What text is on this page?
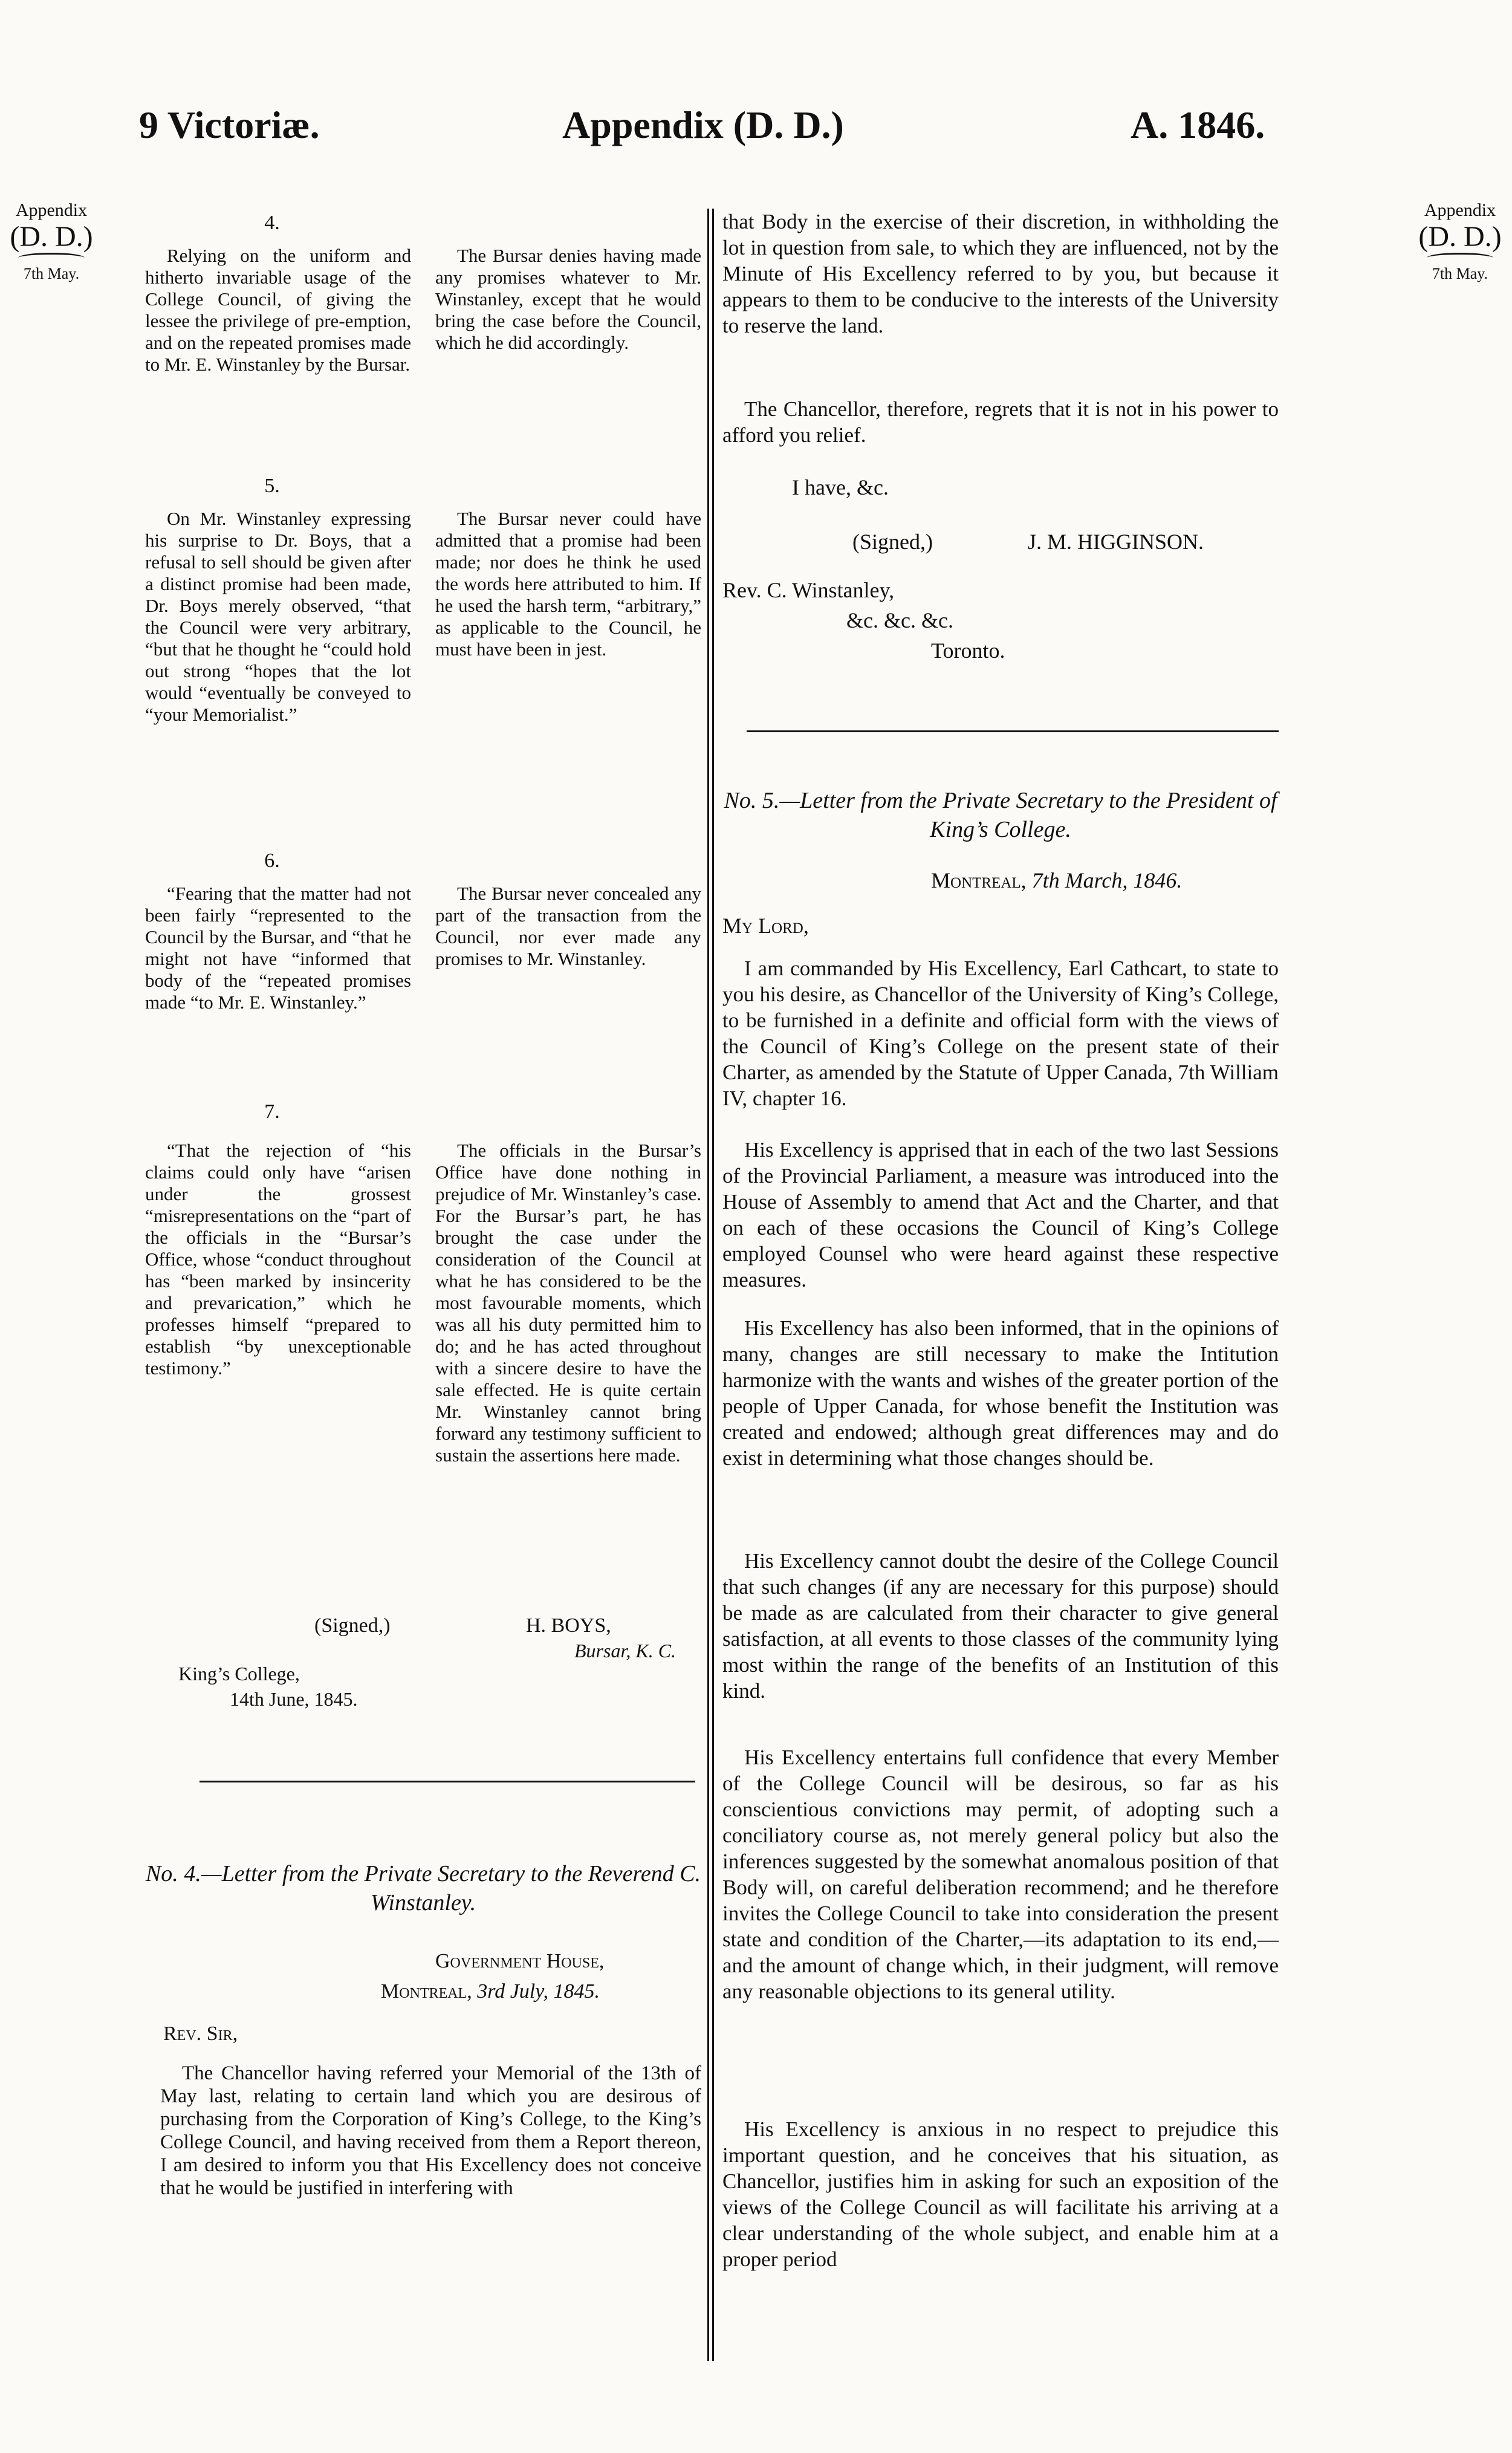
9 Victoriæ.	Appendix (D. D.)	A. 1846.
Appendix
(D. D.)
7th May.
Appendix
(D. D.)
7th May.
4.

Relying on the uniform and hitherto invariable usage of the College Council, of giving the lessee the privilege of pre-emption, and on the repeated promises made to Mr. E. Winstanley by the Bursar.

The Bursar denies having made any promises whatever to Mr. Winstanley, except that he would bring the case before the Council, which he did accordingly.

5.

On Mr. Winstanley expressing his surprise to Dr. Boys, that a refusal to sell should be given after a distinct promise had been made, Dr. Boys merely observed, “that the Council were very arbitrary, “but that he thought he “could hold out strong “hopes that the lot would “eventually be conveyed to “your Memorialist.”

The Bursar never could have admitted that a promise had been made; nor does he think he used the words here attributed to him. If he used the harsh term, “arbitrary,” as applicable to the Council, he must have been in jest.

6.

“Fearing that the matter had not been fairly “represented to the Council by the Bursar, and “that he might not have “informed that body of the “repeated promises made “to Mr. E. Winstanley.”

The Bursar never concealed any part of the transaction from the Council, nor ever made any promises to Mr. Winstanley.

7.

“That the rejection of “his claims could only have “arisen under the grossest “misrepresentations on the “part of the officials in the “Bursar’s Office, whose “conduct throughout has “been marked by insincerity and prevarication,” which he professes himself “prepared to establish “by unexceptionable testimony.”

The officials in the Bursar’s Office have done nothing in prejudice of Mr. Winstanley’s case. For the Bursar’s part, he has brought the case under the consideration of the Council at what he has considered to be the most favourable moments, which was all his duty permitted him to do; and he has acted throughout with a sincere desire to have the sale effected. He is quite certain Mr. Winstanley cannot bring forward any testimony sufficient to sustain the assertions here made.

(Signed,)	H. BOYS,
Bursar, K. C.
King’s College,
14th June, 1845.
No. 4.—Letter from the Private Secretary to the Reverend C. Winstanley.
Government House,
Montreal, 3rd July, 1845.
Rev. Sir,

The Chancellor having referred your Memorial of the 13th of May last, relating to certain land which you are desirous of purchasing from the Corporation of King’s College, to the King’s College Council, and having received from them a Report thereon, I am desired to inform you that His Excellency does not conceive that he would be justified in interfering with

that Body in the exercise of their discretion, in withholding the lot in question from sale, to which they are influenced, not by the Minute of His Excellency referred to by you, but because it appears to them to be conducive to the interests of the University to reserve the land.

The Chancellor, therefore, regrets that it is not in his power to afford you relief.

I have, &c.
(Signed,)	J. M. HIGGINSON.
Rev. C. Winstanley,
&c. &c. &c.
Toronto.
No. 5.—Letter from the Private Secretary to the President of King’s College.
Montreal, 7th March, 1846.
My Lord,

I am commanded by His Excellency, Earl Cathcart, to state to you his desire, as Chancellor of the University of King’s College, to be furnished in a definite and official form with the views of the Council of King’s College on the present state of their Charter, as amended by the Statute of Upper Canada, 7th William IV, chapter 16.

His Excellency is apprised that in each of the two last Sessions of the Provincial Parliament, a measure was introduced into the House of Assembly to amend that Act and the Charter, and that on each of these occasions the Council of King’s College employed Counsel who were heard against these respective measures.

His Excellency has also been informed, that in the opinions of many, changes are still necessary to make the Intitution harmonize with the wants and wishes of the greater portion of the people of Upper Canada, for whose benefit the Institution was created and endowed; although great differences may and do exist in determining what those changes should be.

His Excellency cannot doubt the desire of the College Council that such changes (if any are necessary for this purpose) should be made as are calculated from their character to give general satisfaction, at all events to those classes of the community lying most within the range of the benefits of an Institution of this kind.

His Excellency entertains full confidence that every Member of the College Council will be desirous, so far as his conscientious convictions may permit, of adopting such a conciliatory course as, not merely general policy but also the inferences suggested by the somewhat anomalous position of that Body will, on careful deliberation recommend; and he therefore invites the College Council to take into consideration the present state and condition of the Charter,—its adaptation to its end,—and the amount of change which, in their judgment, will remove any reasonable objections to its general utility.

His Excellency is anxious in no respect to prejudice this important question, and he conceives that his situation, as Chancellor, justifies him in asking for such an exposition of the views of the College Council as will facilitate his arriving at a clear understanding of the whole subject, and enable him at a proper period
